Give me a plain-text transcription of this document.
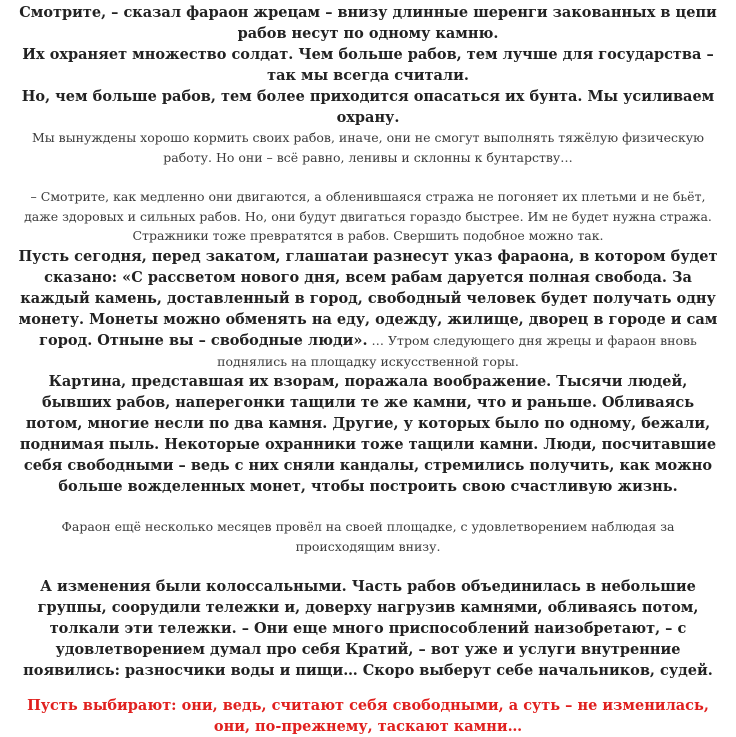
Смотрите, – сказал фараон жрецам – внизу длинные шеренги закованных в цепи рабов несут по одному камню.

Их охраняет множество солдат. Чем больше рабов, тем лучше для государства – так мы всегда считали.

Но, чем больше рабов, тем более приходится опасаться их бунта. Мы усиливаем охрану.

Мы вынуждены хорошо кормить своих рабов, иначе, они не смогут выполнять тяжёлую физическую работу. Но они – всё равно, ленивы и склонны к бунтарству…

– Смотрите, как медленно они двигаются, а обленившаяся стража не погоняет их плетьми и не бьёт, даже здоровых и сильных рабов. Но, они будут двигаться гораздо быстрее. Им не будет нужна стража. Стражники тоже превратятся в рабов. Свершить подобное можно так.

Пусть сегодня, перед закатом, глашатаи разнесут указ фараона, в котором будет сказано: «С рассветом нового дня, всем рабам даруется полная свобода. За каждый камень, доставленный в город, свободный человек будет получать одну монету. Монеты можно обменять на еду, одежду, жилище, дворец в городе и сам город. Отныне вы – свободные люди». … Утром следующего дня жрецы и фараон вновь поднялись на площадку искусственной горы.

Картина, представшая их взорам, поражала воображение. Тысячи людей, бывших рабов, наперегонки тащили те же камни, что и раньше. Обливаясь потом, многие несли по два камня. Другие, у которых было по одному, бежали, поднимая пыль. Некоторые охранники тоже тащили камни. Люди, посчитавшие себя свободными – ведь с них сняли кандалы, стремились получить, как можно больше вожделенных монет, чтобы построить свою счастливую жизнь.

Фараон ещё несколько месяцев провёл на своей площадке, с удовлетворением наблюдая за происходящим внизу.

А изменения были колоссальными. Часть рабов объединилась в небольшие группы, соорудили тележки и, доверху нагрузив камнями, обливаясь потом, толкали эти тележки. – Они еще много приспособлений наизобретают, – с удовлетворением думал про себя Кратий, – вот уже и услуги внутренние появились: разносчики воды и пищи… Скоро выберут себе начальников, судей.

Пусть выбирают: они, ведь, считают себя свободными, а суть – не изменилась, они, по-прежнему, таскают камни…
